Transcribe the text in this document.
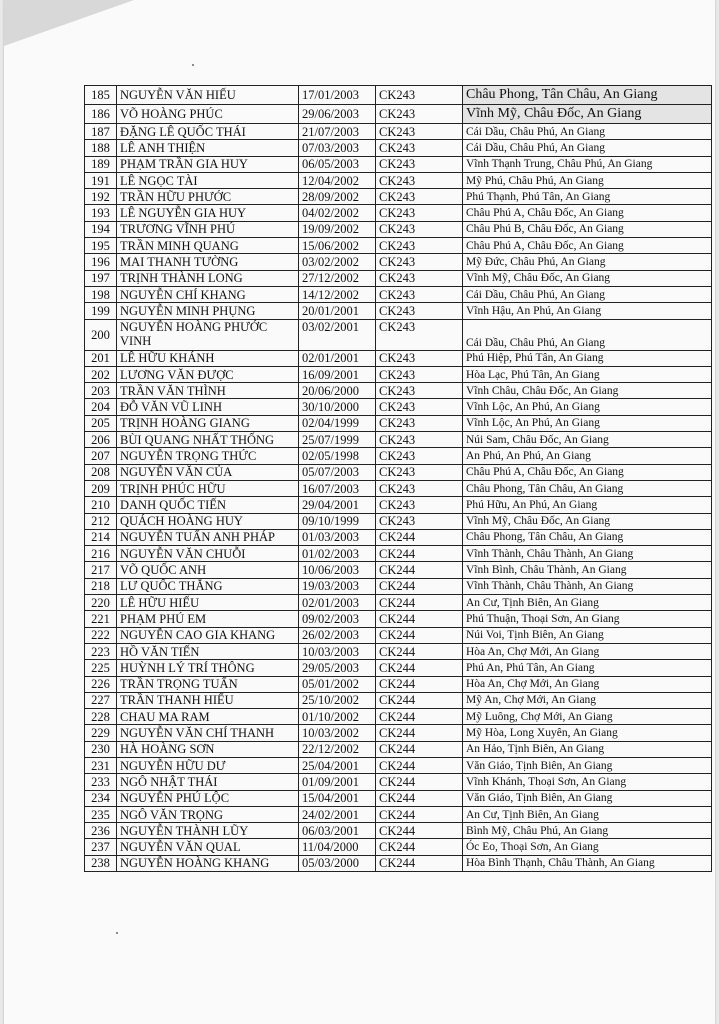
185	NGUYỄN VĂN HIẾU	17/01/2003	CK243	Châu Phong, Tân Châu, An Giang
186	VÕ HOÀNG PHÚC	29/06/2003	CK243	Vĩnh Mỹ, Châu Đốc, An Giang
187	ĐẶNG LÊ QUỐC THÁI	21/07/2003	CK243	Cái Dầu, Châu Phú, An Giang
188	LÊ ANH THIỆN	07/03/2003	CK243	Cái Dầu, Châu Phú, An Giang
189	PHẠM TRẦN GIA HUY	06/05/2003	CK243	Vĩnh Thạnh Trung, Châu Phú, An Giang
191	LÊ NGỌC TÀI	12/04/2002	CK243	Mỹ Phú, Châu Phú, An Giang
192	TRẦN HỮU PHƯỚC	28/09/2002	CK243	Phú Thạnh, Phú Tân, An Giang
193	LÊ NGUYỄN GIA HUY	04/02/2002	CK243	Châu Phú A, Châu Đốc, An Giang
194	TRƯƠNG VĨNH PHÚ	19/09/2002	CK243	Châu Phú B, Châu Đốc, An Giang
195	TRẦN MINH QUANG	15/06/2002	CK243	Châu Phú A, Châu Đốc, An Giang
196	MAI THANH TƯỜNG	03/02/2002	CK243	Mỹ Đức, Châu Phú, An Giang
197	TRỊNH THÀNH LONG	27/12/2002	CK243	Vĩnh Mỹ, Châu Đốc, An Giang
198	NGUYỄN CHÍ KHANG	14/12/2002	CK243	Cái Dầu, Châu Phú, An Giang
199	NGUYỄN MINH PHỤNG	20/01/2001	CK243	Vĩnh Hậu, An Phú, An Giang
200	NGUYỄN HOÀNG PHƯỚC VINH	03/02/2001	CK243	Cái Dầu, Châu Phú, An Giang
201	LÊ HỮU KHÁNH	02/01/2001	CK243	Phú Hiệp, Phú Tân, An Giang
202	LƯƠNG VĂN ĐƯỢC	16/09/2001	CK243	Hòa Lạc, Phú Tân, An Giang
203	TRẦN VĂN THÌNH	20/06/2000	CK243	Vĩnh Châu, Châu Đốc, An Giang
204	ĐỖ VĂN VŨ LINH	30/10/2000	CK243	Vĩnh Lộc, An Phú, An Giang
205	TRỊNH HOÀNG GIANG	02/04/1999	CK243	Vĩnh Lộc, An Phú, An Giang
206	BÙI QUANG NHẤT THỐNG	25/07/1999	CK243	Núi Sam, Châu Đốc, An Giang
207	NGUYỄN TRỌNG THỨC	02/05/1998	CK243	An Phú, An Phú, An Giang
208	NGUYỄN VĂN CỦA	05/07/2003	CK243	Châu Phú A, Châu Đốc, An Giang
209	TRỊNH PHÚC HỮU	16/07/2003	CK243	Châu Phong, Tân Châu, An Giang
210	DANH QUỐC TIẾN	29/04/2001	CK243	Phú Hữu, An Phú, An Giang
212	QUÁCH HOÀNG HUY	09/10/1999	CK243	Vĩnh Mỹ, Châu Đốc, An Giang
214	NGUYỄN TUẤN ANH PHÁP	01/03/2003	CK244	Châu Phong, Tân Châu, An Giang
216	NGUYỄN VĂN CHUỖI	01/02/2003	CK244	Vĩnh Thành, Châu Thành, An Giang
217	VÕ QUỐC ANH	10/06/2003	CK244	Vĩnh Bình, Châu Thành, An Giang
218	LƯ QUỐC THẮNG	19/03/2003	CK244	Vĩnh Thành, Châu Thành, An Giang
220	LÊ HỮU HIẾU	02/01/2003	CK244	An Cư, Tịnh Biên, An Giang
221	PHẠM PHÚ EM	09/02/2003	CK244	Phú Thuận, Thoại Sơn, An Giang
222	NGUYỄN CAO GIA KHANG	26/02/2003	CK244	Núi Voi, Tịnh Biên, An Giang
223	HỒ VĂN TIẾN	10/03/2003	CK244	Hòa An, Chợ Mới, An Giang
225	HUỲNH LÝ TRÍ THÔNG	29/05/2003	CK244	Phú An, Phú Tân, An Giang
226	TRẦN TRỌNG TUẤN	05/01/2002	CK244	Hòa An, Chợ Mới, An Giang
227	TRẦN THANH HIẾU	25/10/2002	CK244	Mỹ An, Chợ Mới, An Giang
228	CHAU MA RAM	01/10/2002	CK244	Mỹ Luông, Chợ Mới, An Giang
229	NGUYỄN VĂN CHÍ THANH	10/03/2002	CK244	Mỹ Hòa, Long Xuyên, An Giang
230	HÀ HOÀNG SƠN	22/12/2002	CK244	An Hảo, Tịnh Biên, An Giang
231	NGUYỄN HỮU DƯ	25/04/2001	CK244	Văn Giáo, Tịnh Biên, An Giang
233	NGÔ NHẬT THÁI	01/09/2001	CK244	Vĩnh Khánh, Thoại Sơn, An Giang
234	NGUYỄN PHÚ LỘC	15/04/2001	CK244	Văn Giáo, Tịnh Biên, An Giang
235	NGÔ VĂN TRỌNG	24/02/2001	CK244	An Cư, Tịnh Biên, An Giang
236	NGUYỄN THÀNH LŨY	06/03/2001	CK244	Bình Mỹ, Châu Phú, An Giang
237	NGUYỄN VĂN QUAL	11/04/2000	CK244	Óc Eo, Thoại Sơn, An Giang
238	NGUYỄN HOÀNG KHANG	05/03/2000	CK244	Hòa Bình Thạnh, Châu Thành, An Giang
